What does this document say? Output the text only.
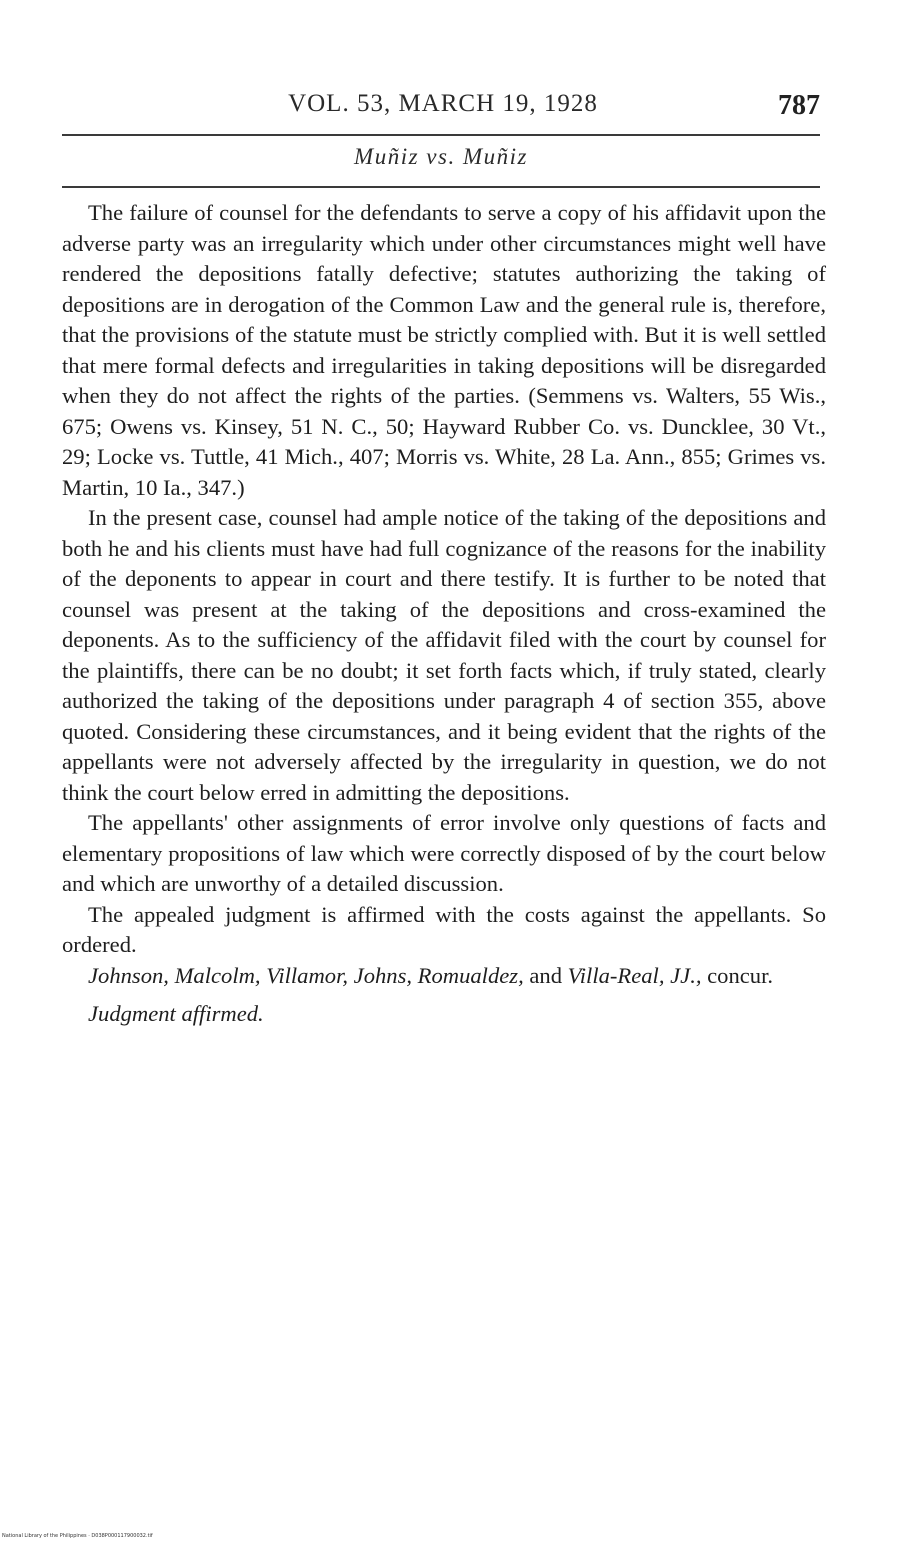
VOL. 53, MARCH 19, 1928	787
Muñiz vs. Muñiz

The failure of counsel for the defendants to serve a copy of his affidavit upon the adverse party was an irregularity which under other circumstances might well have rendered the depositions fatally defective; statutes authorizing the taking of depositions are in derogation of the Common Law and the general rule is, therefore, that the provisions of the statute must be strictly complied with. But it is well settled that mere formal defects and irregularities in taking depositions will be disregarded when they do not affect the rights of the parties. (Semmens vs. Walters, 55 Wis., 675; Owens vs. Kinsey, 51 N. C., 50; Hayward Rubber Co. vs. Duncklee, 30 Vt., 29; Locke vs. Tuttle, 41 Mich., 407; Morris vs. White, 28 La. Ann., 855; Grimes vs. Martin, 10 Ia., 347.)

In the present case, counsel had ample notice of the taking of the depositions and both he and his clients must have had full cognizance of the reasons for the inability of the deponents to appear in court and there testify. It is further to be noted that counsel was present at the taking of the depositions and cross-examined the deponents. As to the sufficiency of the affidavit filed with the court by counsel for the plaintiffs, there can be no doubt; it set forth facts which, if truly stated, clearly authorized the taking of the depositions under paragraph 4 of section 355, above quoted. Considering these circumstances, and it being evident that the rights of the appellants were not adversely affected by the irregularity in question, we do not think the court below erred in admitting the depositions.

The appellants' other assignments of error involve only questions of facts and elementary propositions of law which were correctly disposed of by the court below and which are unworthy of a detailed discussion.

The appealed judgment is affirmed with the costs against the appellants. So ordered.

Johnson, Malcolm, Villamor, Johns, Romualdez, and Villa-Real, JJ., concur.

Judgment affirmed.

National Library of the Philippines · D038P000117900032.tif
